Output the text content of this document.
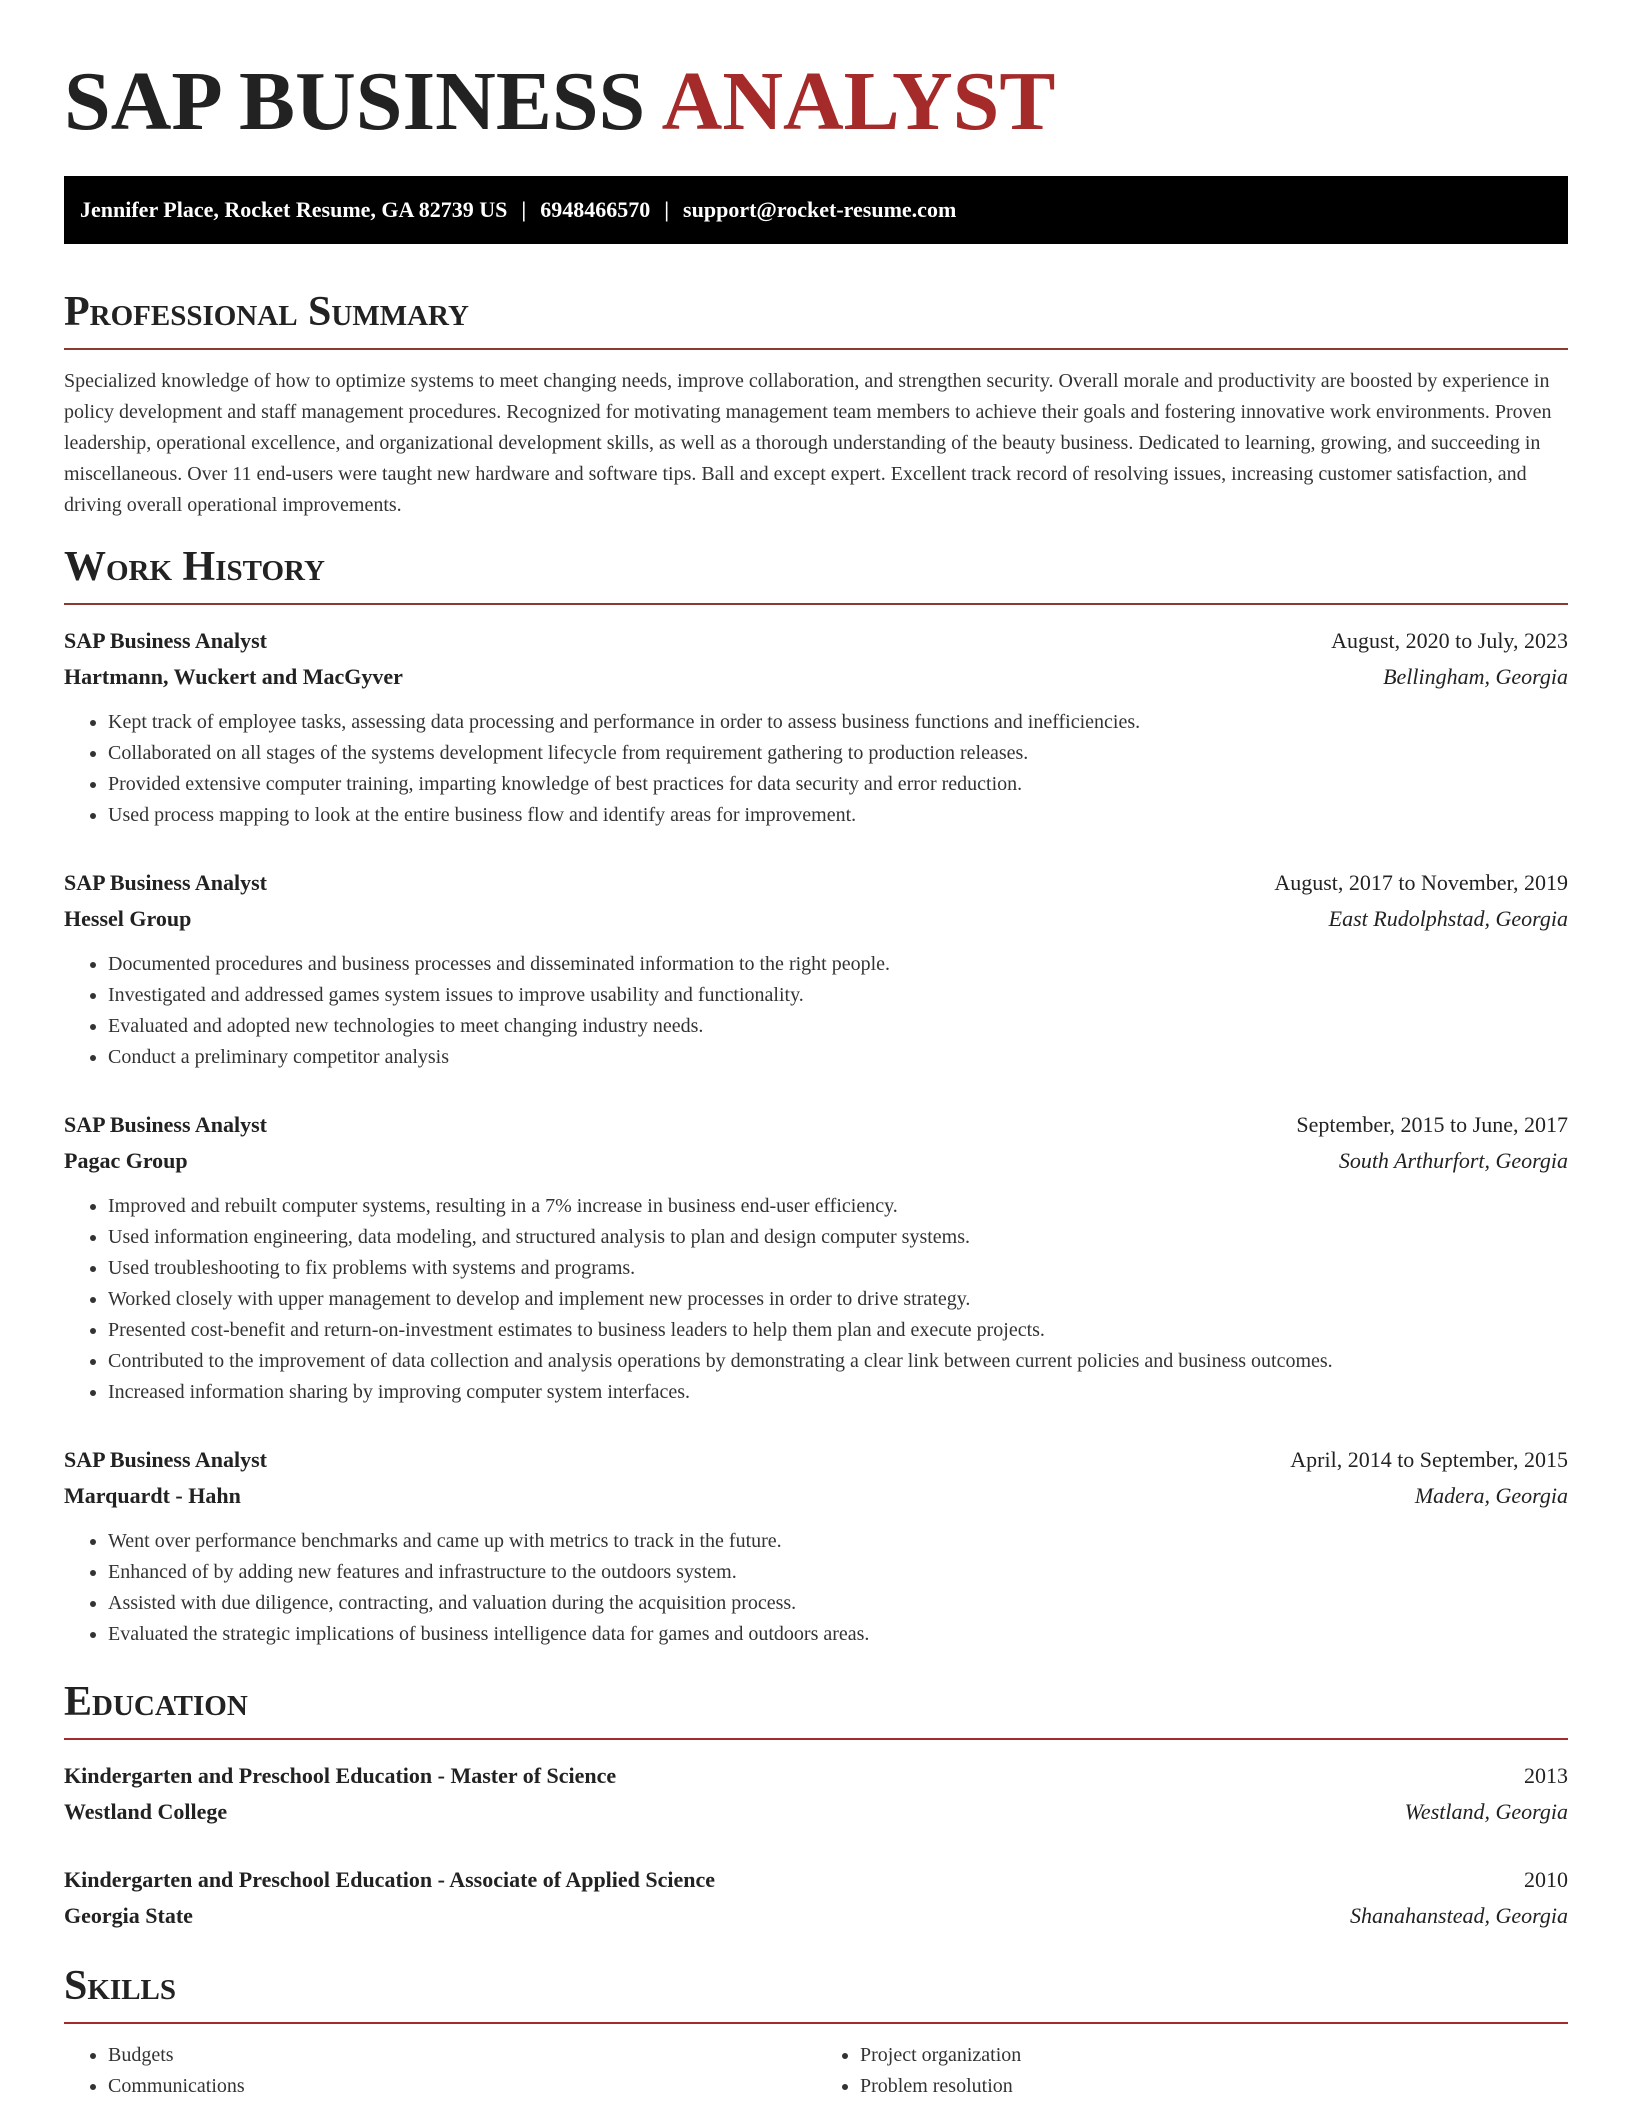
SAP BUSINESS ANALYST
Jennifer Place, Rocket Resume, GA 82739 US | 6948466570 | support@rocket-resume.com
Professional Summary

Specialized knowledge of how to optimize systems to meet changing needs, improve collaboration, and strengthen security. Overall morale and productivity are boosted by experience in policy development and staff management procedures. Recognized for motivating management team members to achieve their goals and fostering innovative work environments. Proven leadership, operational excellence, and organizational development skills, as well as a thorough understanding of the beauty business. Dedicated to learning, growing, and succeeding in miscellaneous. Over 11 end-users were taught new hardware and software tips. Ball and except expert. Excellent track record of resolving issues, increasing customer satisfaction, and driving overall operational improvements.

Work History
SAP Business Analyst	August, 2020 to July, 2023
Hartmann, Wuckert and MacGyver	Bellingham, Georgia
• Kept track of employee tasks, assessing data processing and performance in order to assess business functions and inefficiencies.
• Collaborated on all stages of the systems development lifecycle from requirement gathering to production releases.
• Provided extensive computer training, imparting knowledge of best practices for data security and error reduction.
• Used process mapping to look at the entire business flow and identify areas for improvement.
SAP Business Analyst	August, 2017 to November, 2019
Hessel Group	East Rudolphstad, Georgia
• Documented procedures and business processes and disseminated information to the right people.
• Investigated and addressed games system issues to improve usability and functionality.
• Evaluated and adopted new technologies to meet changing industry needs.
• Conduct a preliminary competitor analysis
SAP Business Analyst	September, 2015 to June, 2017
Pagac Group	South Arthurfort, Georgia
• Improved and rebuilt computer systems, resulting in a 7% increase in business end-user efficiency.
• Used information engineering, data modeling, and structured analysis to plan and design computer systems.
• Used troubleshooting to fix problems with systems and programs.
• Worked closely with upper management to develop and implement new processes in order to drive strategy.
• Presented cost-benefit and return-on-investment estimates to business leaders to help them plan and execute projects.
• Contributed to the improvement of data collection and analysis operations by demonstrating a clear link between current policies and business outcomes.
• Increased information sharing by improving computer system interfaces.
SAP Business Analyst	April, 2014 to September, 2015
Marquardt - Hahn	Madera, Georgia
• Went over performance benchmarks and came up with metrics to track in the future.
• Enhanced of by adding new features and infrastructure to the outdoors system.
• Assisted with due diligence, contracting, and valuation during the acquisition process.
• Evaluated the strategic implications of business intelligence data for games and outdoors areas.
Education
Kindergarten and Preschool Education - Master of Science	2013
Westland College	Westland, Georgia
Kindergarten and Preschool Education - Associate of Applied Science	2010
Georgia State	Shanahanstead, Georgia
Skills
• Budgets
• Communications
• Project organization
• Problem resolution
